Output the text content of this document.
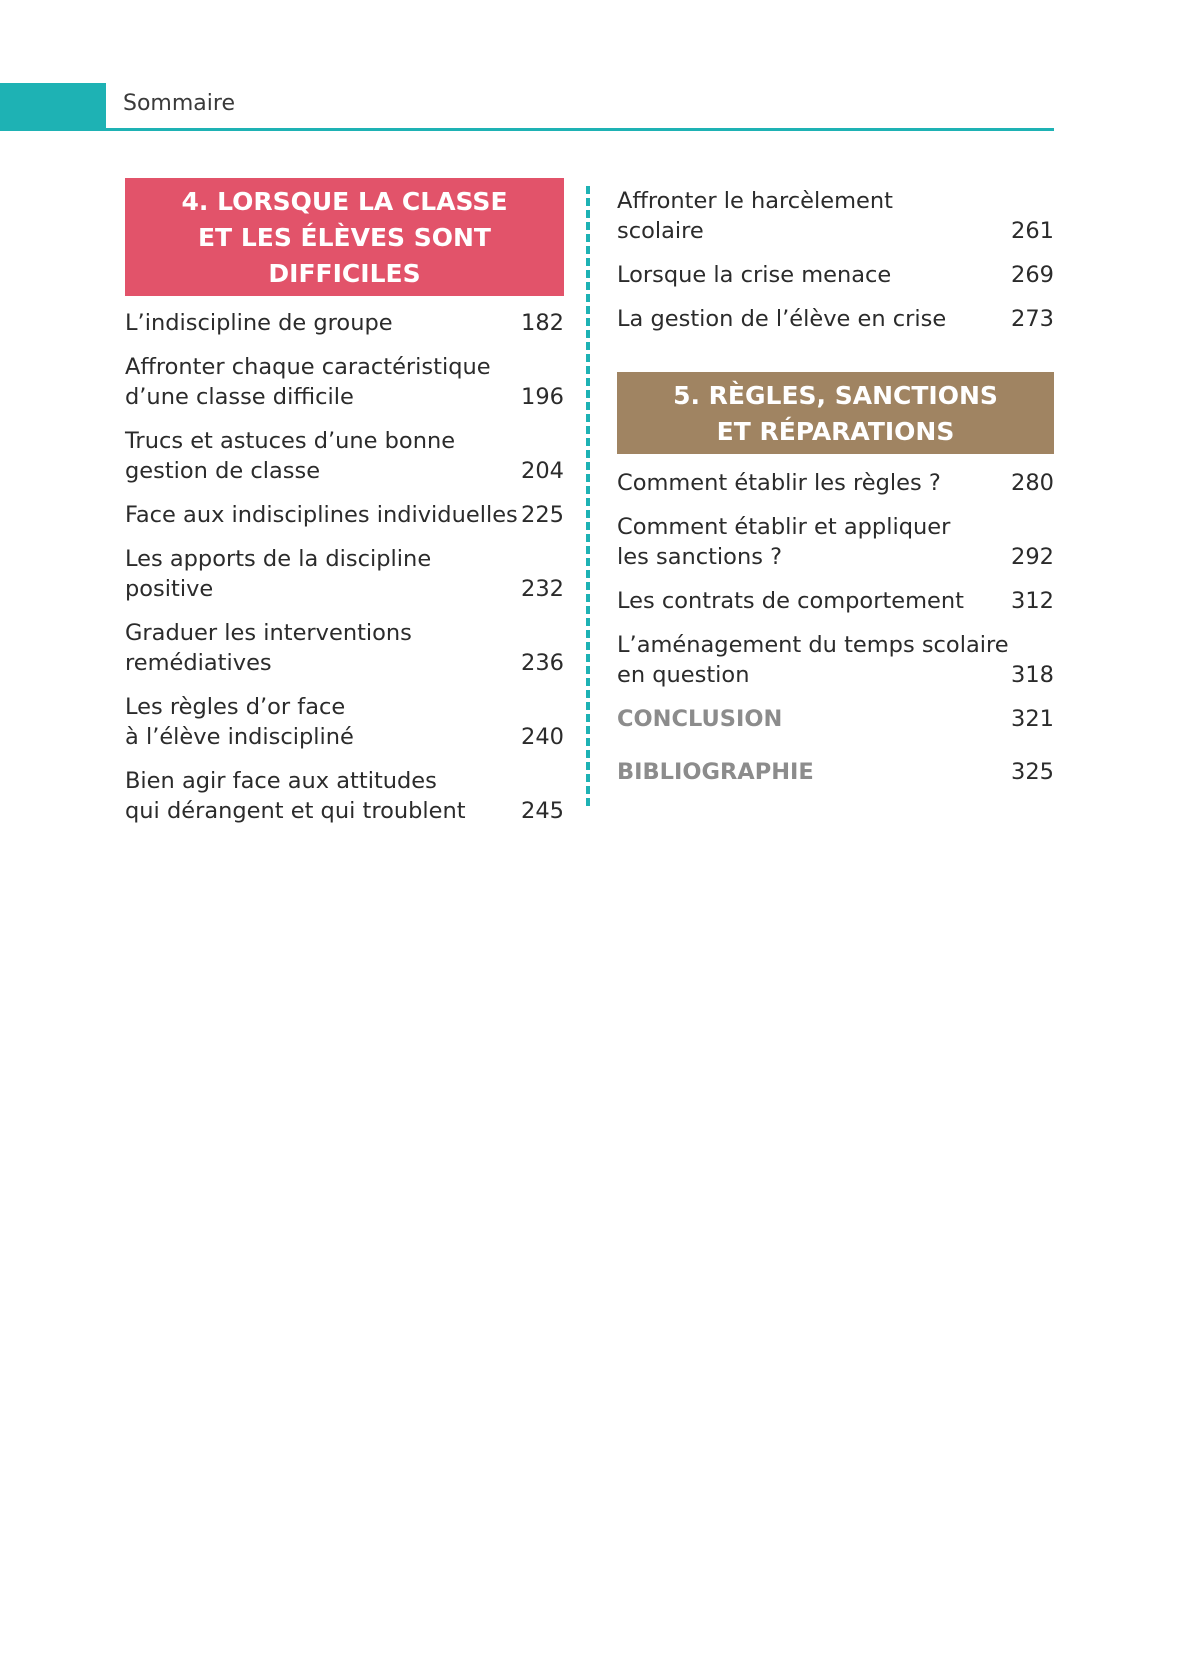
Sommaire
4. LORSQUE LA CLASSE
ET LES ÉLÈVES SONT DIFFICILES
L’indiscipline de groupe	182
Affronter chaque caractéristique
d’une classe difficile	196
Trucs et astuces d’une bonne
gestion de classe	204
Face aux indisciplines individuelles 225
Les apports de la discipline
positive	232
Graduer les interventions
remédiatives	236
Les règles d’or face
à l’élève indiscipliné	240
Bien agir face aux attitudes
qui dérangent et qui troublent	245
Affronter le harcèlement
scolaire	261
Lorsque la crise menace	269
La gestion de l’élève en crise	273
5. RÈGLES, SANCTIONS
ET RÉPARATIONS
Comment établir les règles ?	280
Comment établir et appliquer
les sanctions ?	292
Les contrats de comportement	312
L’aménagement du temps scolaire
en question	318
CONCLUSION	321
BIBLIOGRAPHIE	325
